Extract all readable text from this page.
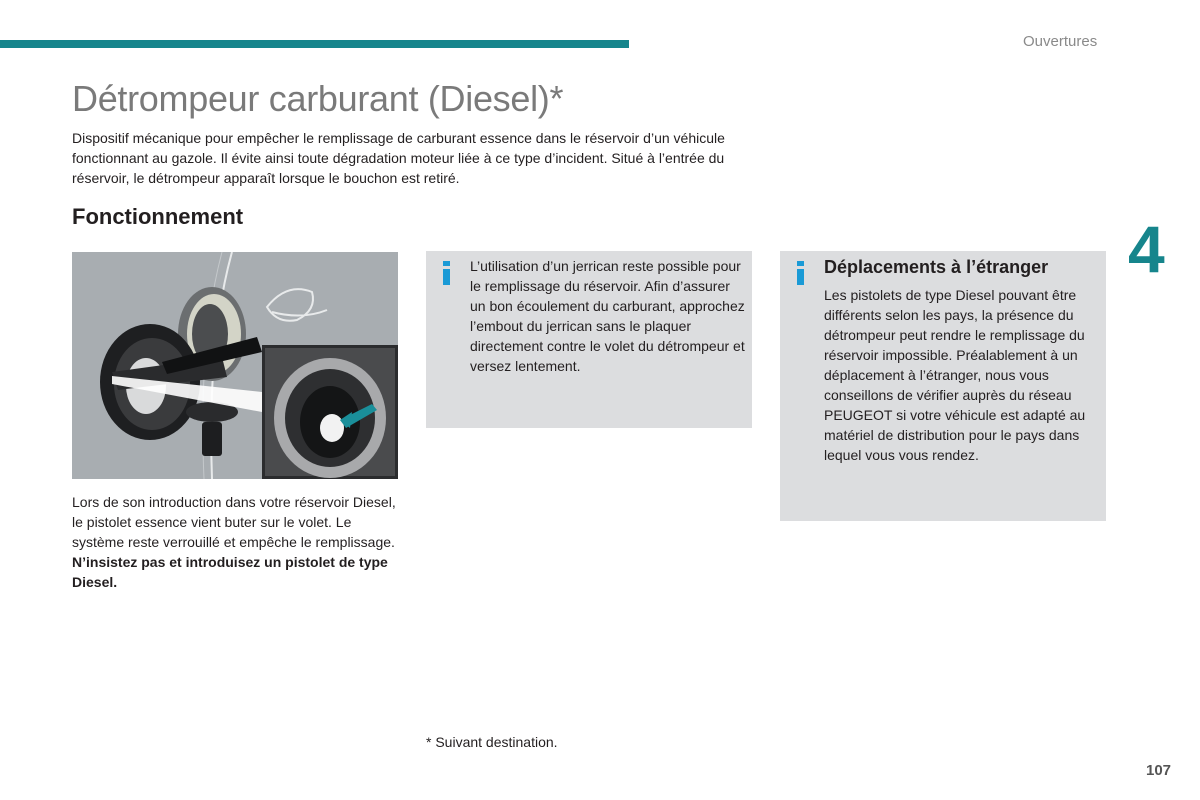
Ouvertures
4
Détrompeur carburant (Diesel)*

Dispositif mécanique pour empêcher le remplissage de carburant essence dans le réservoir d’un véhicule fonctionnant au gazole. Il évite ainsi toute dégradation moteur liée à ce type d’incident. Situé à l’entrée du réservoir, le détrompeur apparaît lorsque le bouchon est retiré.

Fonctionnement

Lors de son introduction dans votre réservoir Diesel, le pistolet essence vient buter sur le volet. Le système reste verrouillé et empêche le remplissage.

N’insistez pas et introduisez un pistolet de type Diesel.

L’utilisation d’un jerrican reste possible pour le remplissage du réservoir. Afin d’assurer un bon écoulement du carburant, approchez l’embout du jerrican sans le plaquer directement contre le volet du détrompeur et versez lentement.

Déplacements à l’étranger

Les pistolets de type Diesel pouvant être différents selon les pays, la présence du détrompeur peut rendre le remplissage du réservoir impossible. Préalablement à un déplacement à l’étranger, nous vous conseillons de vérifier auprès du réseau PEUGEOT si votre véhicule est adapté au matériel de distribution pour le pays dans lequel vous vous rendez.

* Suivant destination.
107
